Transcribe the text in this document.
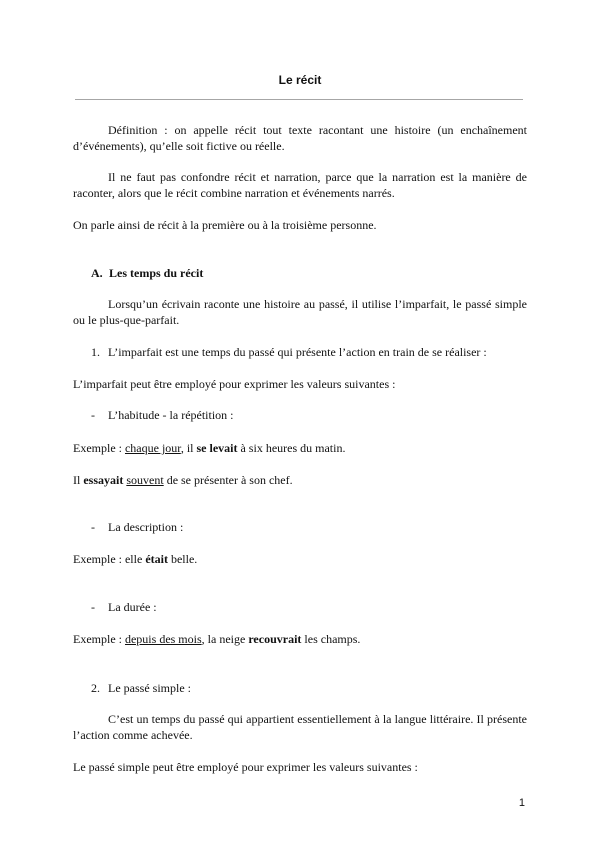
Le récit

Définition : on appelle récit tout texte racontant une histoire (un enchaînement d’événements), qu’elle soit fictive ou réelle.

Il ne faut pas confondre récit et narration, parce que la narration est la manière de raconter, alors que le récit combine narration et événements narrés.

On parle ainsi de récit à la première ou à la troisième personne.

A. Les temps du récit

Lorsqu’un écrivain raconte une histoire au passé, il utilise l’imparfait, le passé simple ou le plus-que-parfait.

1. L’imparfait est une temps du passé qui présente l’action en train de se réaliser :

L’imparfait peut être employé pour exprimer les valeurs suivantes :

- L’habitude - la répétition :

Exemple : chaque jour, il se levait à six heures du matin.

Il essayait souvent de se présenter à son chef.

- La description :

Exemple : elle était belle.

- La durée :

Exemple : depuis des mois, la neige recouvrait les champs.

2. Le passé simple :

C’est un temps du passé qui appartient essentiellement à la langue littéraire. Il présente l’action comme achevée.

Le passé simple peut être employé pour exprimer les valeurs suivantes :

1
